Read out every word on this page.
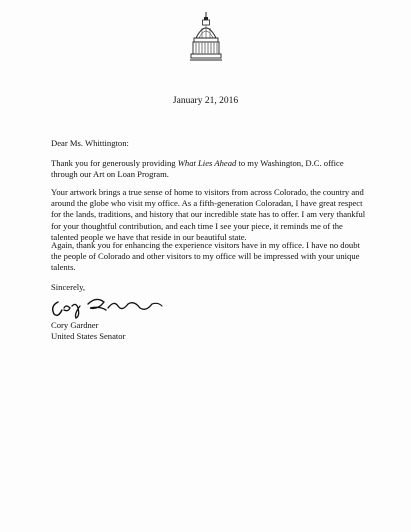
January 21, 2016
Dear Ms. Whittington:
Thank you for generously providing What Lies Ahead to my Washington, D.C. office through our Art on Loan Program.
Your artwork brings a true sense of home to visitors from across Colorado, the country and around the globe who visit my office. As a fifth-generation Coloradan, I have great respect for the lands, traditions, and history that our incredible state has to offer. I am very thankful for your thoughtful contribution, and each time I see your piece, it reminds me of the talented people we have that reside in our beautiful state.
Again, thank you for enhancing the experience visitors have in my office. I have no doubt the people of Colorado and other visitors to my office will be impressed with your unique talents.
Sincerely,
Cory Gardner
United States Senator
